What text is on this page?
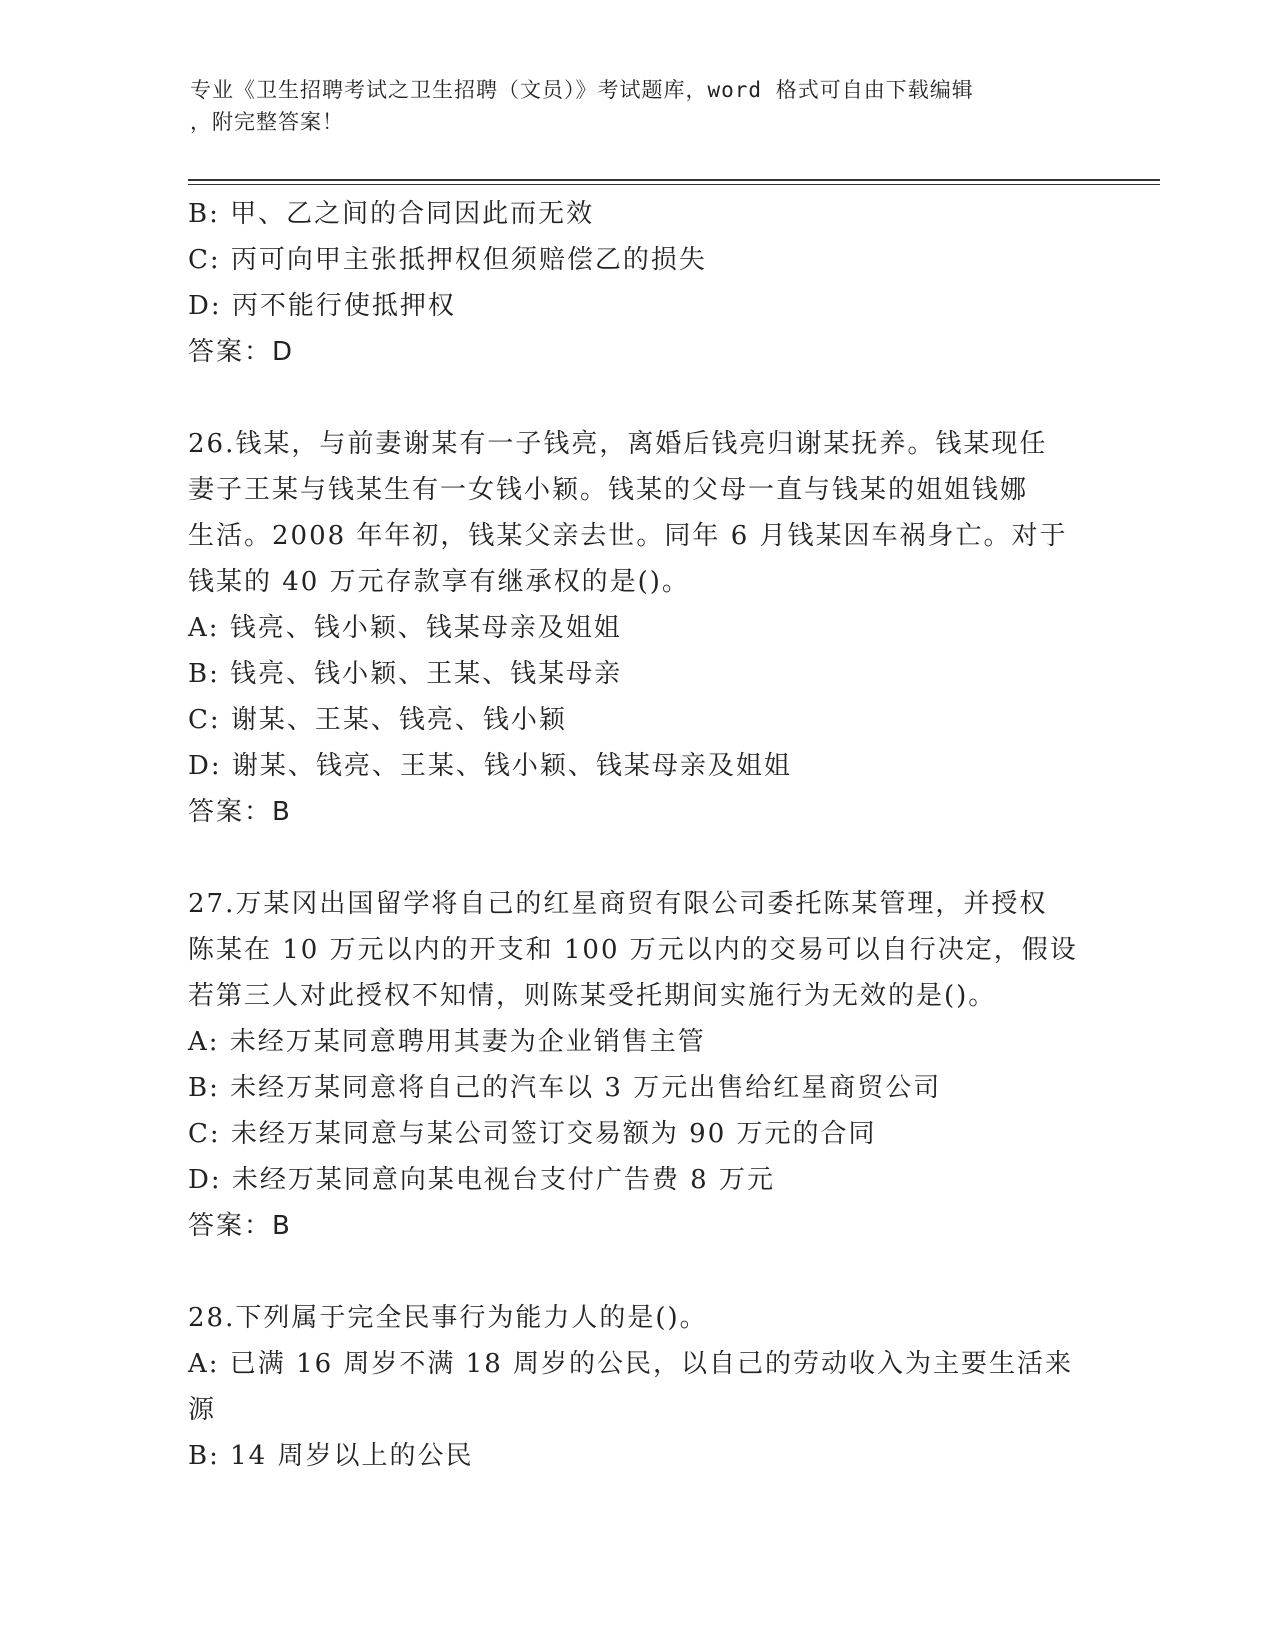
专业《卫生招聘考试之卫生招聘（文员）》考试题库，word 格式可自由下载编辑
，附完整答案！
B: 甲、乙之间的合同因此而无效
C: 丙可向甲主张抵押权但须赔偿乙的损失
D: 丙不能行使抵押权
答案：D
26.钱某，与前妻谢某有一子钱亮，离婚后钱亮归谢某抚养。钱某现任
妻子王某与钱某生有一女钱小颖。钱某的父母一直与钱某的姐姐钱娜
生活。2008 年年初，钱某父亲去世。同年 6 月钱某因车祸身亡。对于
钱某的 40 万元存款享有继承权的是()。
A: 钱亮、钱小颖、钱某母亲及姐姐
B: 钱亮、钱小颖、王某、钱某母亲
C: 谢某、王某、钱亮、钱小颖
D: 谢某、钱亮、王某、钱小颖、钱某母亲及姐姐
答案：B
27.万某冈出国留学将自己的红星商贸有限公司委托陈某管理，并授权
陈某在 10 万元以内的开支和 100 万元以内的交易可以自行决定，假设
若第三人对此授权不知情，则陈某受托期间实施行为无效的是()。
A: 未经万某同意聘用其妻为企业销售主管
B: 未经万某同意将自己的汽车以 3 万元出售给红星商贸公司
C: 未经万某同意与某公司签订交易额为 90 万元的合同
D: 未经万某同意向某电视台支付广告费 8 万元
答案：B
28.下列属于完全民事行为能力人的是()。
A: 已满 16 周岁不满 18 周岁的公民，以自己的劳动收入为主要生活来
源
B: 14 周岁以上的公民
